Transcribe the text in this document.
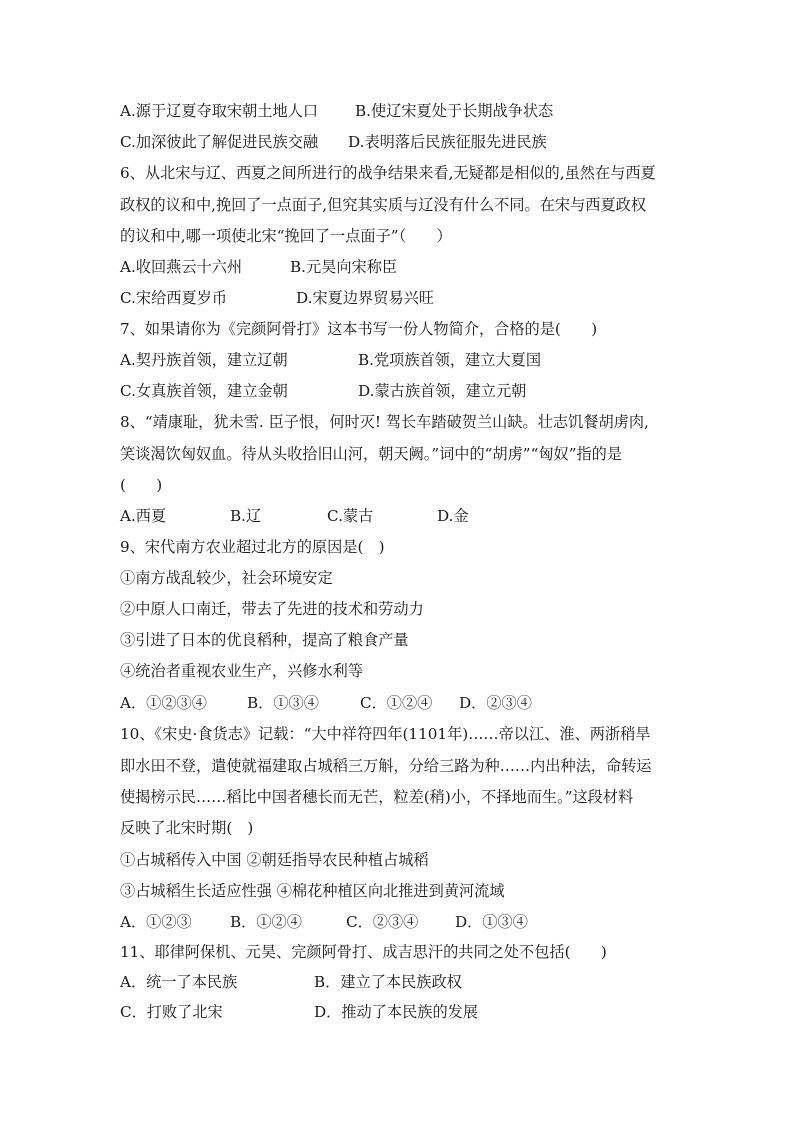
A.源于辽夏夺取宋朝土地人口 B.使辽宋夏处于长期战争状态
C.加深彼此了解促进民族交融 D.表明落后民族征服先进民族
6、从北宋与辽、西夏之间所进行的战争结果来看,无疑都是相似的,虽然在与西夏
政权的议和中,挽回了一点面子,但究其实质与辽没有什么不同。在宋与西夏政权
的议和中,哪一项使北宋“挽回了一点面子”（　　）
A.收回燕云十六州	B.元昊向宋称臣
C.宋给西夏岁币	D.宋夏边界贸易兴旺
7、如果请你为《完颜阿骨打》这本书写一份人物简介，合格的是(　　)
A.契丹族首领，建立辽朝	B.党项族首领，建立大夏国
C.女真族首领，建立金朝	D.蒙古族首领，建立元朝
8、“靖康耻，犹未雪. 臣子恨，何时灭! 驾长车踏破贺兰山缺。壮志饥餐胡虏肉,
笑谈渴饮匈奴血。待从头收拾旧山河，朝天阙。”词中的“胡虏”“匈奴”指的是
(　　)
A.西夏	B.辽	C.蒙古	D.金
9、宋代南方农业超过北方的原因是(　)
①南方战乱较少，社会环境安定
②中原人口南迁，带去了先进的技术和劳动力
③引进了日本的优良稻种，提高了粮食产量
④统治者重视农业生产，兴修水利等
A．①②③④	B．①③④	C．①②④ D．②③④
10、《宋史·食货志》记载：“大中祥符四年(1101年)……帝以江、淮、两浙稍旱
即水田不登，遣使就福建取占城稻三万斛，分给三路为种……内出种法，命转运
使揭榜示民……稻比中国者穗长而无芒，粒差(稍)小，不择地而生。”这段材料
反映了北宋时期(　)
①占城稻传入中国 ②朝廷指导农民种植占城稻
③占城稻生长适应性强 ④棉花种植区向北推进到黄河流域
A．①②③	B．①②④	C．②③④ D．①③④
11、耶律阿保机、元昊、完颜阿骨打、成吉思汗的共同之处不包括(　　)
A．统一了本民族	B．建立了本民族政权
C．打败了北宋	D．推动了本民族的发展
